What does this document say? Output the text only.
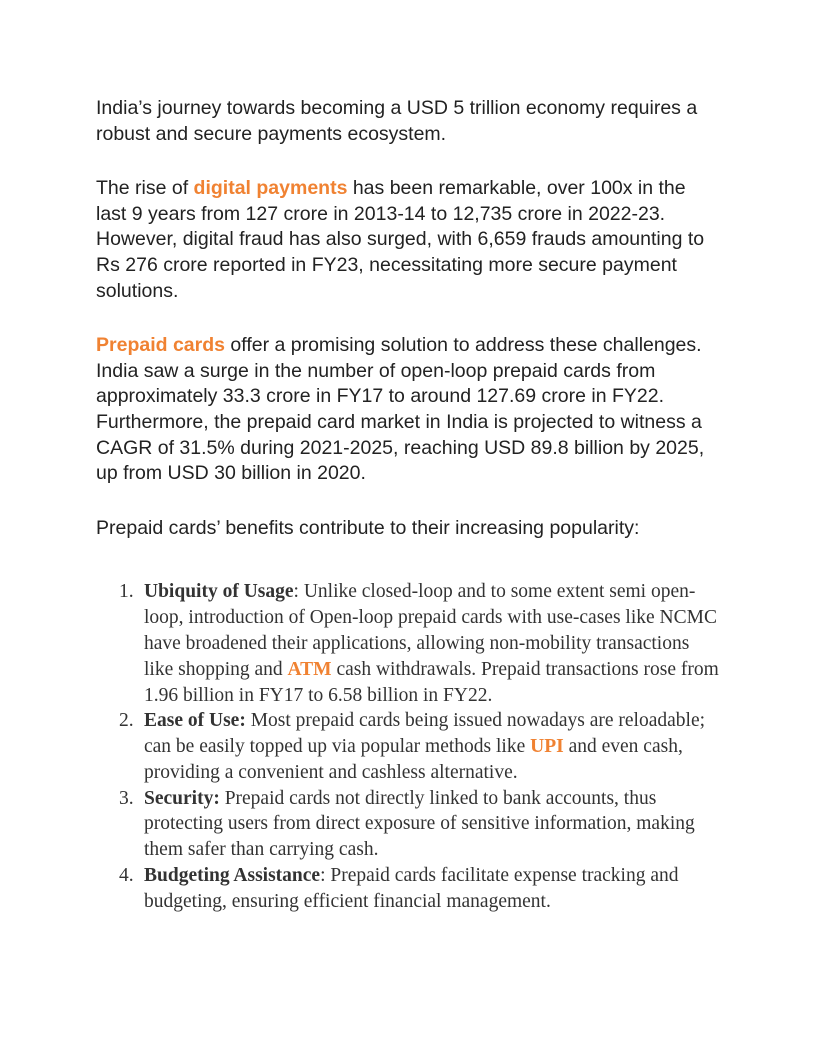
India’s journey towards becoming a USD 5 trillion economy requires a robust and secure payments ecosystem.

The rise of digital payments has been remarkable, over 100x in the last 9 years from 127 crore in 2013-14 to 12,735 crore in 2022-23. However, digital fraud has also surged, with 6,659 frauds amounting to Rs 276 crore reported in FY23, necessitating more secure payment solutions.

Prepaid cards offer a promising solution to address these challenges. India saw a surge in the number of open-loop prepaid cards from approximately 33.3 crore in FY17 to around 127.69 crore in FY22. Furthermore, the prepaid card market in India is projected to witness a CAGR of 31.5% during 2021-2025, reaching USD 89.8 billion by 2025, up from USD 30 billion in 2020.

Prepaid cards’ benefits contribute to their increasing popularity:

1. Ubiquity of Usage: Unlike closed-loop and to some extent semi open-loop, introduction of Open-loop prepaid cards with use-cases like NCMC have broadened their applications, allowing non-mobility transactions like shopping and ATM cash withdrawals. Prepaid transactions rose from 1.96 billion in FY17 to 6.58 billion in FY22.
2. Ease of Use: Most prepaid cards being issued nowadays are reloadable; can be easily topped up via popular methods like UPI and even cash, providing a convenient and cashless alternative.
3. Security: Prepaid cards not directly linked to bank accounts, thus protecting users from direct exposure of sensitive information, making them safer than carrying cash.
4. Budgeting Assistance: Prepaid cards facilitate expense tracking and budgeting, ensuring efficient financial management.
